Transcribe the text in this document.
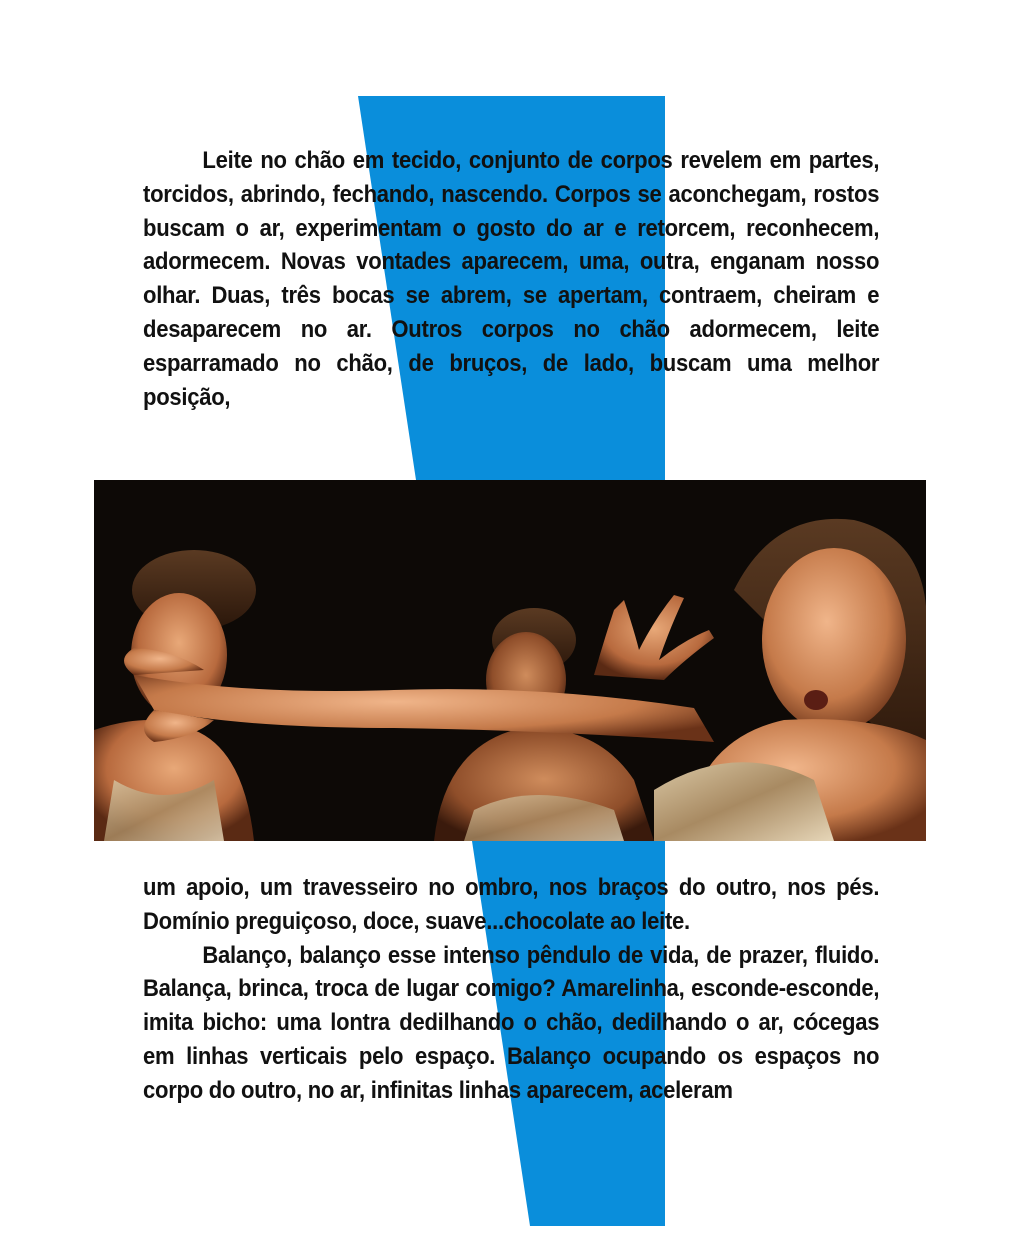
Leite no chão em tecido, conjunto de corpos revelem em partes, torcidos, abrindo, fechando, nascendo. Corpos se aconchegam, rostos buscam o ar, experimentam o gosto do ar e retorcem, reconhecem, adormecem. Novas vontades aparecem, uma, outra, enganam nosso olhar. Duas, três bocas se abrem, se apertam, contraem, cheiram e desaparecem no ar. Outros corpos no chão adormecem, leite esparramado no chão, de bruços, de lado, buscam uma melhor posição,

um apoio, um travesseiro no ombro, nos braços do outro, nos pés. Domínio preguiçoso, doce, suave...chocolate ao leite.

Balanço, balanço esse intenso pêndulo de vida, de prazer, fluido. Balança, brinca, troca de lugar comigo? Amarelinha, esconde-esconde, imita bicho: uma lontra dedilhando o chão, dedilhando o ar, cócegas em linhas verticais pelo espaço. Balanço ocupando os espaços no corpo do outro, no ar, infinitas linhas aparecem, aceleram
